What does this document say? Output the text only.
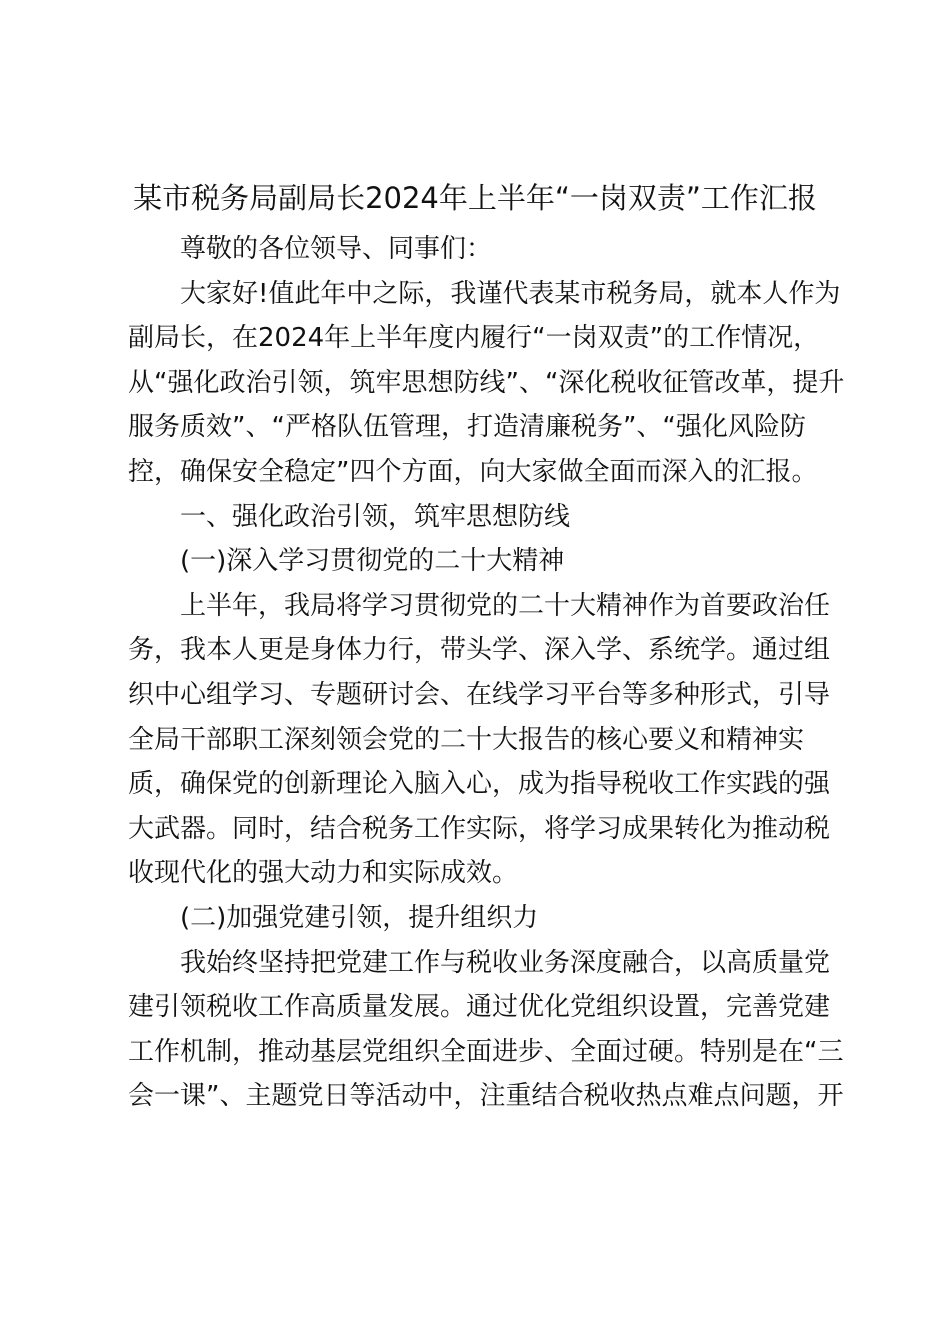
某市税务局副局长2024年上半年“一岗双责”工作汇报
尊敬的各位领导、同事们：
大家好!值此年中之际，我谨代表某市税务局，就本人作为
副局长，在2024年上半年度内履行“一岗双责”的工作情况，
从“强化政治引领，筑牢思想防线”、“深化税收征管改革，提升
服务质效”、“严格队伍管理，打造清廉税务”、“强化风险防
控，确保安全稳定”四个方面，向大家做全面而深入的汇报。
一、强化政治引领，筑牢思想防线
(一)深入学习贯彻党的二十大精神
上半年，我局将学习贯彻党的二十大精神作为首要政治任
务，我本人更是身体力行，带头学、深入学、系统学。通过组
织中心组学习、专题研讨会、在线学习平台等多种形式，引导
全局干部职工深刻领会党的二十大报告的核心要义和精神实
质，确保党的创新理论入脑入心，成为指导税收工作实践的强
大武器。同时，结合税务工作实际，将学习成果转化为推动税
收现代化的强大动力和实际成效。
(二)加强党建引领，提升组织力
我始终坚持把党建工作与税收业务深度融合，以高质量党
建引领税收工作高质量发展。通过优化党组织设置，完善党建
工作机制，推动基层党组织全面进步、全面过硬。特别是在“三
会一课”、主题党日等活动中，注重结合税收热点难点问题，开
